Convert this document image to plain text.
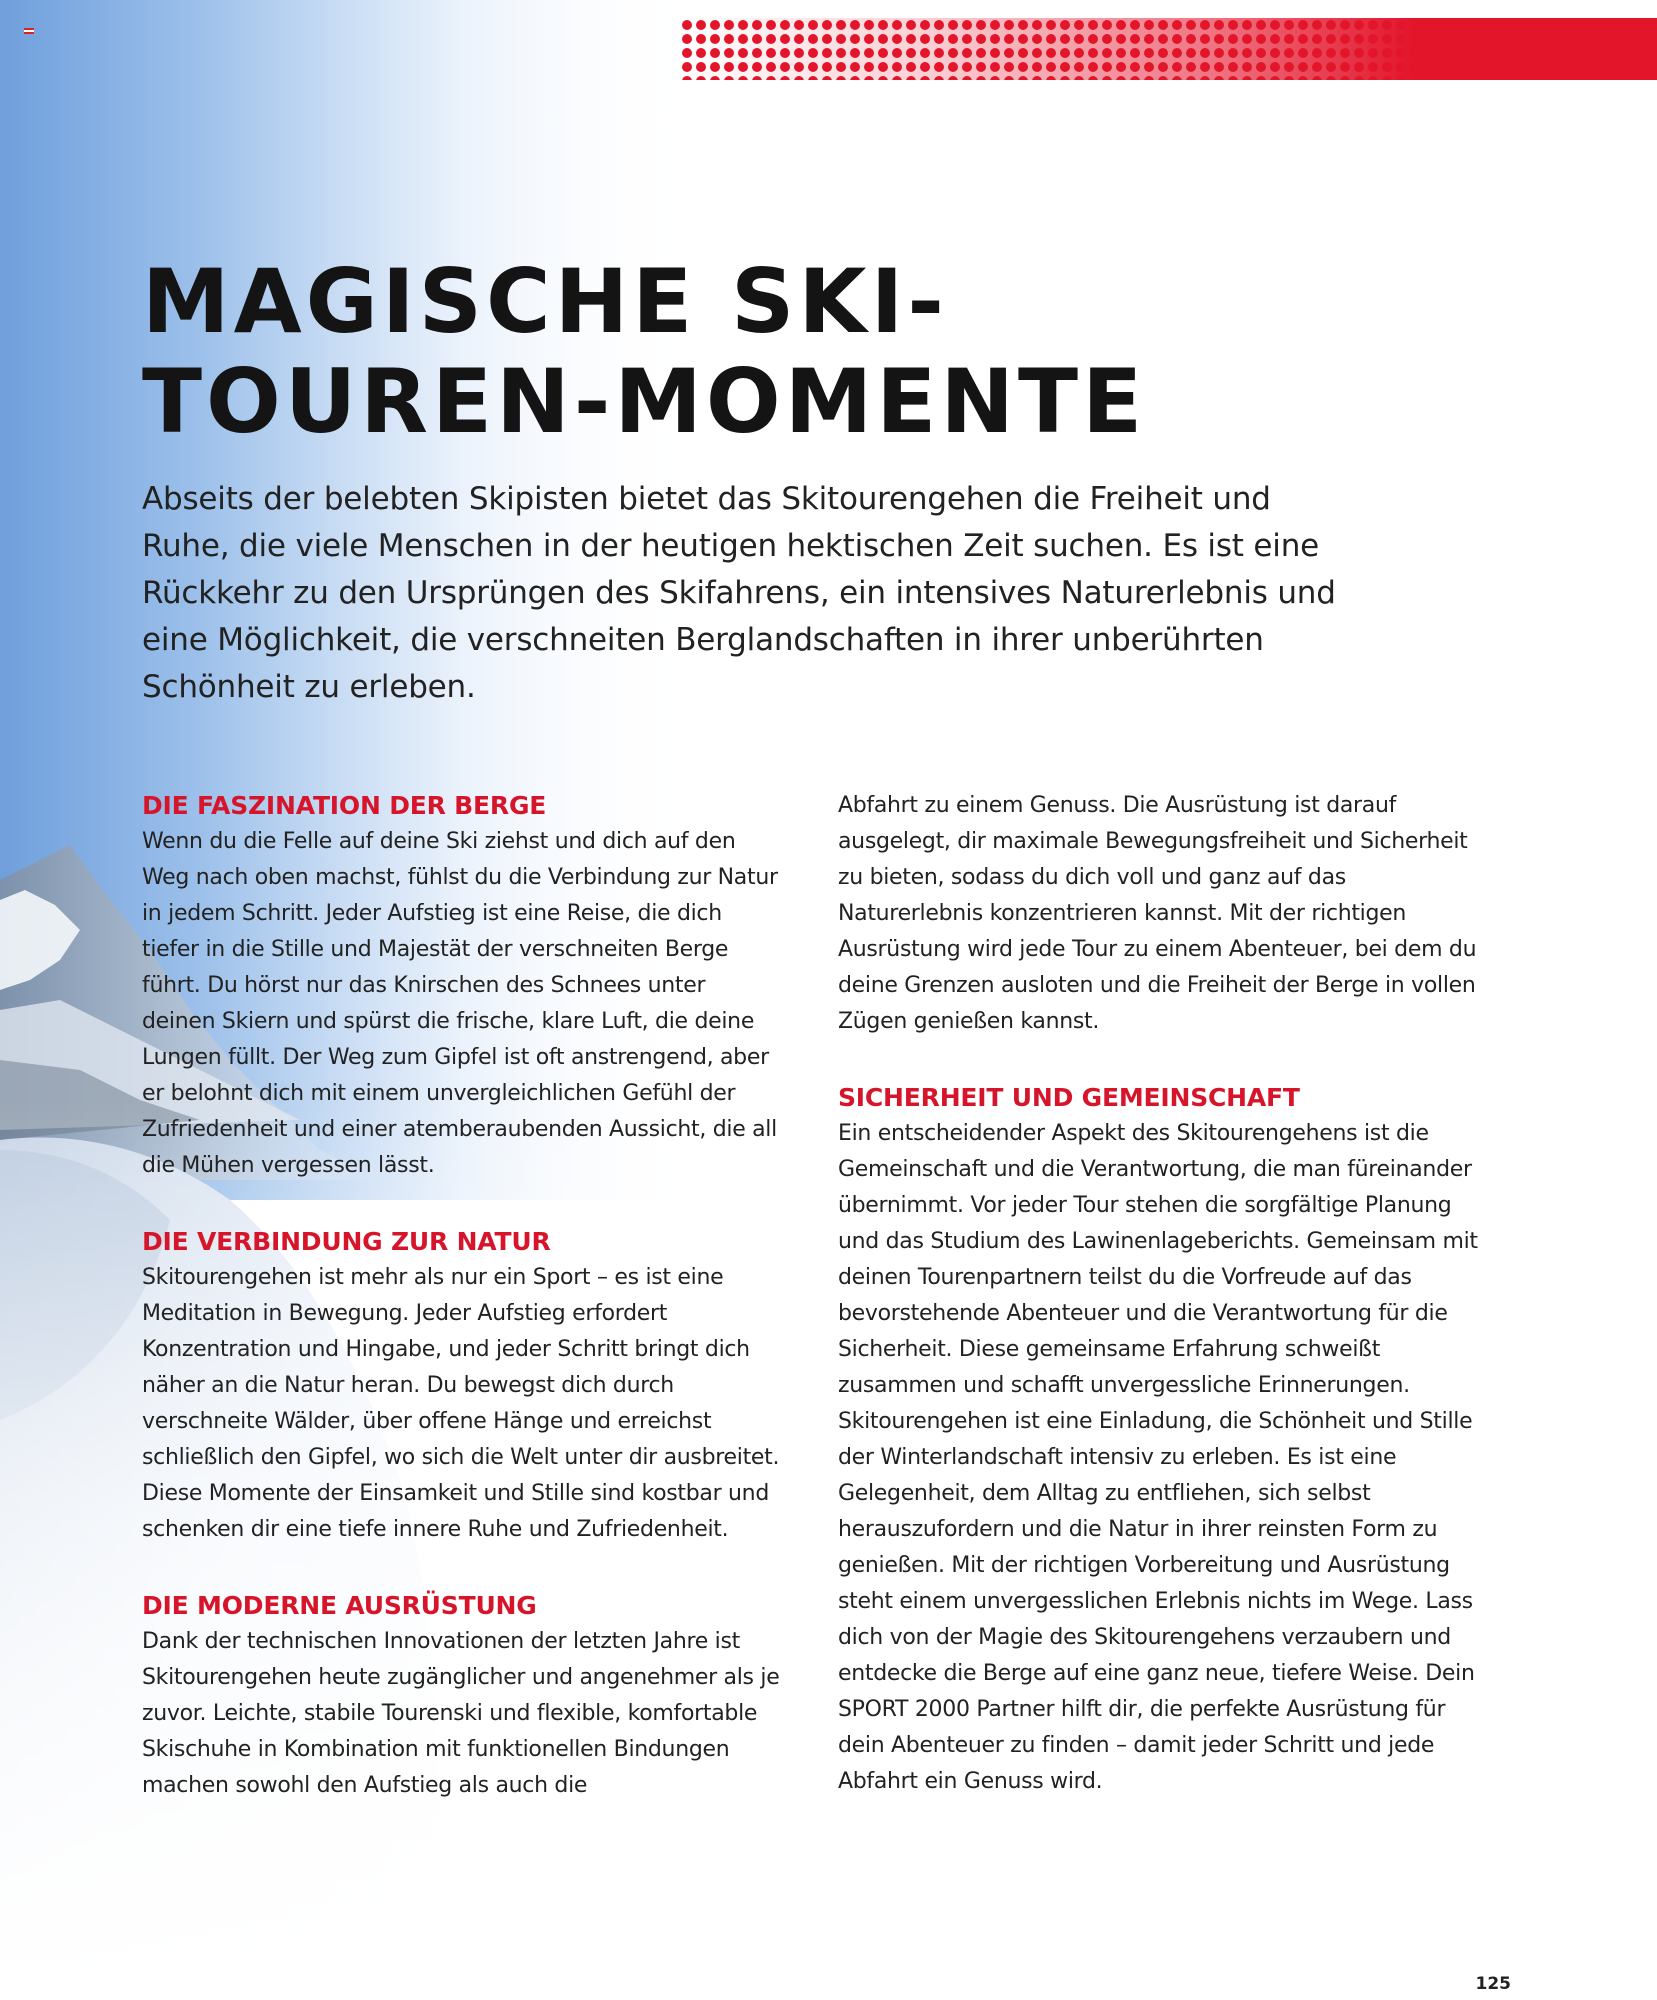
MAGISCHE SKI-
TOUREN-MOMENTE

Abseits der belebten Skipisten bietet das Skitourengehen die Freiheit und Ruhe, die viele Menschen in der heutigen hektischen Zeit suchen. Es ist eine Rückkehr zu den Ursprüngen des Skifahrens, ein intensives Naturerlebnis und eine Möglichkeit, die verschneiten Berglandschaften in ihrer unberührten Schönheit zu erleben.

DIE FASZINATION DER BERGE

Wenn du die Felle auf deine Ski ziehst und dich auf den Weg nach oben machst, fühlst du die Verbindung zur Natur in jedem Schritt. Jeder Aufstieg ist eine Reise, die dich tiefer in die Stille und Majestät der verschneiten Berge führt. Du hörst nur das Knirschen des Schnees unter deinen Skiern und spürst die frische, klare Luft, die deine Lungen füllt. Der Weg zum Gipfel ist oft anstrengend, aber er belohnt dich mit einem unvergleichlichen Gefühl der Zufriedenheit und einer atemberaubenden Aussicht, die all die Mühen vergessen lässt.

DIE VERBINDUNG ZUR NATUR

Skitourengehen ist mehr als nur ein Sport – es ist eine Meditation in Bewegung. Jeder Aufstieg erfordert Konzentration und Hingabe, und jeder Schritt bringt dich näher an die Natur heran. Du bewegst dich durch verschneite Wälder, über offene Hänge und erreichst schließlich den Gipfel, wo sich die Welt unter dir ausbreitet. Diese Momente der Einsamkeit und Stille sind kostbar und schenken dir eine tiefe innere Ruhe und Zufriedenheit.

DIE MODERNE AUSRÜSTUNG

Dank der technischen Innovationen der letzten Jahre ist Skitourengehen heute zugänglicher und angenehmer als je zuvor. Leichte, stabile Tourenski und flexible, komfortable Skischuhe in Kombination mit funktionellen Bindungen machen sowohl den Aufstieg als auch die

Abfahrt zu einem Genuss. Die Ausrüstung ist darauf ausgelegt, dir maximale Bewegungsfreiheit und Sicherheit zu bieten, sodass du dich voll und ganz auf das Naturerlebnis konzentrieren kannst. Mit der richtigen Ausrüstung wird jede Tour zu einem Abenteuer, bei dem du deine Grenzen ausloten und die Freiheit der Berge in vollen Zügen genießen kannst.

SICHERHEIT UND GEMEINSCHAFT

Ein entscheidender Aspekt des Skitourengehens ist die Gemeinschaft und die Verantwortung, die man füreinander übernimmt. Vor jeder Tour stehen die sorgfältige Planung und das Studium des Lawinenlageberichts. Gemeinsam mit deinen Tourenpartnern teilst du die Vorfreude auf das bevorstehende Abenteuer und die Verantwortung für die Sicherheit. Diese gemeinsame Erfahrung schweißt zusammen und schafft unvergessliche Erinnerungen.

Skitourengehen ist eine Einladung, die Schönheit und Stille der Winterlandschaft intensiv zu erleben. Es ist eine Gelegenheit, dem Alltag zu entfliehen, sich selbst herauszufordern und die Natur in ihrer reinsten Form zu genießen. Mit der richtigen Vorbereitung und Ausrüstung steht einem unvergesslichen Erlebnis nichts im Wege. Lass dich von der Magie des Skitourengehens verzaubern und entdecke die Berge auf eine ganz neue, tiefere Weise. Dein SPORT 2000 Partner hilft dir, die perfekte Ausrüstung für dein Abenteuer zu finden – damit jeder Schritt und jede Abfahrt ein Genuss wird.

125
